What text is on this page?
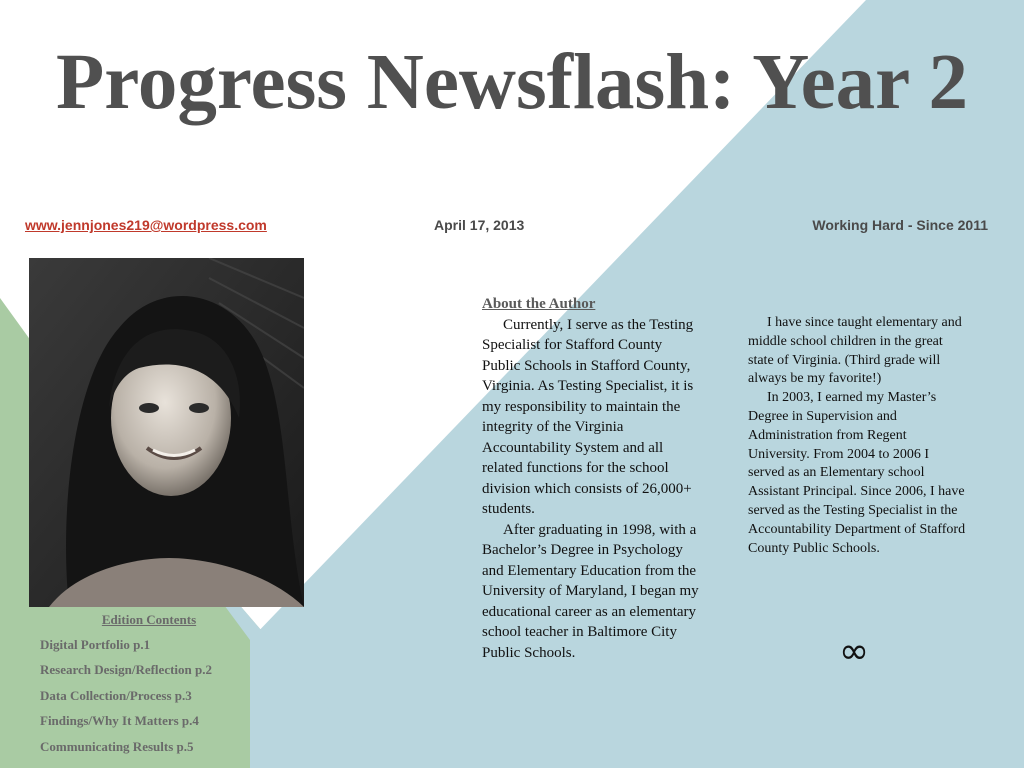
Progress Newsflash: Year 2
www.jennjones219@wordpress.com	April 17, 2013	Working Hard - Since 2011
Edition Contents
Digital Portfolio p.1
Research Design/Reflection p.2
Data Collection/Process p.3
Findings/Why It Matters p.4
Communicating Results p.5
About the Author

Currently, I serve as the Testing Specialist for Stafford County Public Schools in Stafford County, Virginia. As Testing Specialist, it is my responsibility to maintain the integrity of the Virginia Accountability System and all related functions for the school division which consists of 26,000+ students.

After graduating in 1998, with a Bachelor’s Degree in Psychology and Elementary Education from the University of Maryland, I began my educational career as an elementary school teacher in Baltimore City Public Schools.

I have since taught elementary and middle school children in the great state of Virginia. (Third grade will always be my favorite!)

In 2003, I earned my Master’s Degree in Supervision and Administration from Regent University. From 2004 to 2006 I served as an Elementary school Assistant Principal. Since 2006, I have served as the Testing Specialist in the Accountability Department of Stafford County Public Schools.

∞
